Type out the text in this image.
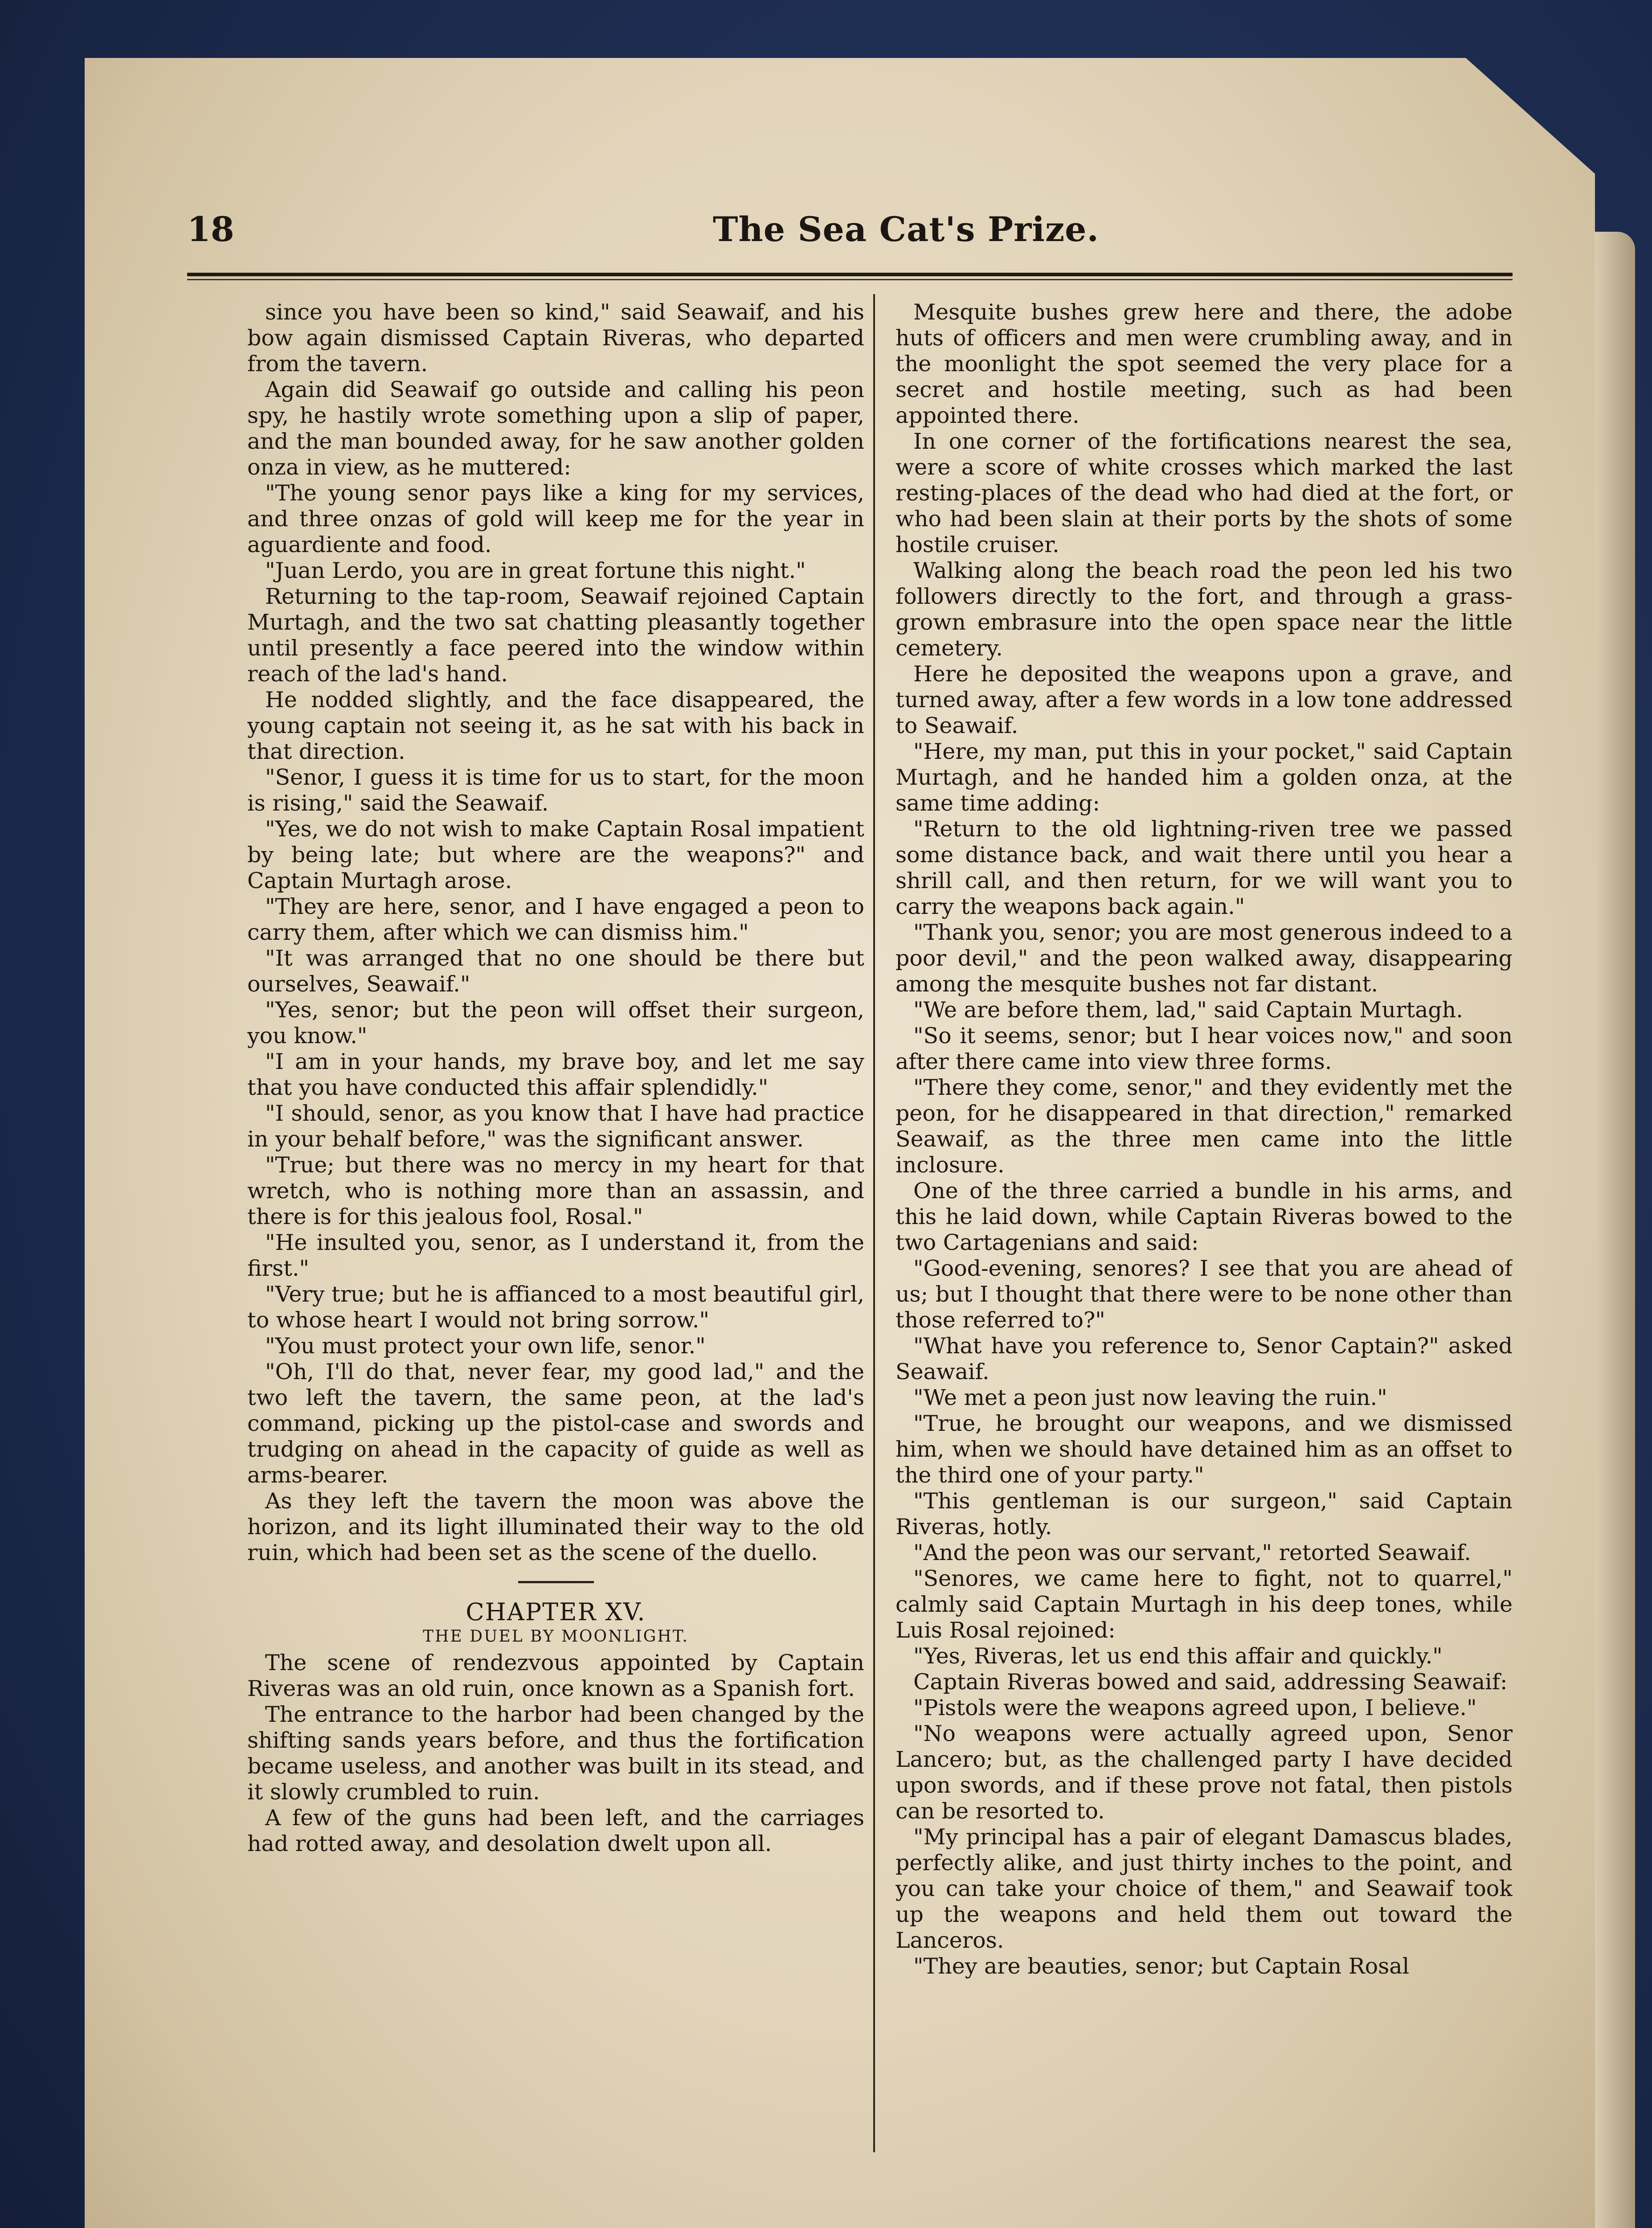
18	The Sea Cat's Prize.

since you have been so kind," said Seawaif, and his bow again dismissed Captain Riveras, who departed from the tavern.

Again did Seawaif go outside and calling his peon spy, he hastily wrote something upon a slip of paper, and the man bounded away, for he saw another golden onza in view, as he muttered:

"The young senor pays like a king for my services, and three onzas of gold will keep me for the year in aguardiente and food.

"Juan Lerdo, you are in great fortune this night."

Returning to the tap-room, Seawaif rejoined Captain Murtagh, and the two sat chatting pleasantly together until presently a face peered into the window within reach of the lad's hand.

He nodded slightly, and the face disappeared, the young captain not seeing it, as he sat with his back in that direction.

"Senor, I guess it is time for us to start, for the moon is rising," said the Seawaif.

"Yes, we do not wish to make Captain Rosal impatient by being late; but where are the weapons?" and Captain Murtagh arose.

"They are here, senor, and I have engaged a peon to carry them, after which we can dismiss him."

"It was arranged that no one should be there but ourselves, Seawaif."

"Yes, senor; but the peon will offset their surgeon, you know."

"I am in your hands, my brave boy, and let me say that you have conducted this affair splendidly."

"I should, senor, as you know that I have had practice in your behalf before," was the significant answer.

"True; but there was no mercy in my heart for that wretch, who is nothing more than an assassin, and there is for this jealous fool, Rosal."

"He insulted you, senor, as I understand it, from the first."

"Very true; but he is affianced to a most beautiful girl, to whose heart I would not bring sorrow."

"You must protect your own life, senor."

"Oh, I'll do that, never fear, my good lad," and the two left the tavern, the same peon, at the lad's command, picking up the pistol-case and swords and trudging on ahead in the capacity of guide as well as arms-bearer.

As they left the tavern the moon was above the horizon, and its light illuminated their way to the old ruin, which had been set as the scene of the duello.

CHAPTER XV.

THE DUEL BY MOONLIGHT.

The scene of rendezvous appointed by Captain Riveras was an old ruin, once known as a Spanish fort.

The entrance to the harbor had been changed by the shifting sands years before, and thus the fortification became useless, and another was built in its stead, and it slowly crumbled to ruin.

A few of the guns had been left, and the carriages had rotted away, and desolation dwelt upon all.

Mesquite bushes grew here and there, the adobe huts of officers and men were crumbling away, and in the moonlight the spot seemed the very place for a secret and hostile meeting, such as had been appointed there.

In one corner of the fortifications nearest the sea, were a score of white crosses which marked the last resting-places of the dead who had died at the fort, or who had been slain at their ports by the shots of some hostile cruiser.

Walking along the beach road the peon led his two followers directly to the fort, and through a grass-grown embrasure into the open space near the little cemetery.

Here he deposited the weapons upon a grave, and turned away, after a few words in a low tone addressed to Seawaif.

"Here, my man, put this in your pocket," said Captain Murtagh, and he handed him a golden onza, at the same time adding:

"Return to the old lightning-riven tree we passed some distance back, and wait there until you hear a shrill call, and then return, for we will want you to carry the weapons back again."

"Thank you, senor; you are most generous indeed to a poor devil," and the peon walked away, disappearing among the mesquite bushes not far distant.

"We are before them, lad," said Captain Murtagh.

"So it seems, senor; but I hear voices now," and soon after there came into view three forms.

"There they come, senor," and they evidently met the peon, for he disappeared in that direction," remarked Seawaif, as the three men came into the little inclosure.

One of the three carried a bundle in his arms, and this he laid down, while Captain Riveras bowed to the two Cartagenians and said:

"Good-evening, senores? I see that you are ahead of us; but I thought that there were to be none other than those referred to?"

"What have you reference to, Senor Captain?" asked Seawaif.

"We met a peon just now leaving the ruin."

"True, he brought our weapons, and we dismissed him, when we should have detained him as an offset to the third one of your party."

"This gentleman is our surgeon," said Captain Riveras, hotly.

"And the peon was our servant," retorted Seawaif.

"Senores, we came here to fight, not to quarrel," calmly said Captain Murtagh in his deep tones, while Luis Rosal rejoined:

"Yes, Riveras, let us end this affair and quickly."

Captain Riveras bowed and said, addressing Seawaif:

"Pistols were the weapons agreed upon, I believe."

"No weapons were actually agreed upon, Senor Lancero; but, as the challenged party I have decided upon swords, and if these prove not fatal, then pistols can be resorted to.

"My principal has a pair of elegant Damascus blades, perfectly alike, and just thirty inches to the point, and you can take your choice of them," and Seawaif took up the weapons and held them out toward the Lanceros.

"They are beauties, senor; but Captain Rosal
